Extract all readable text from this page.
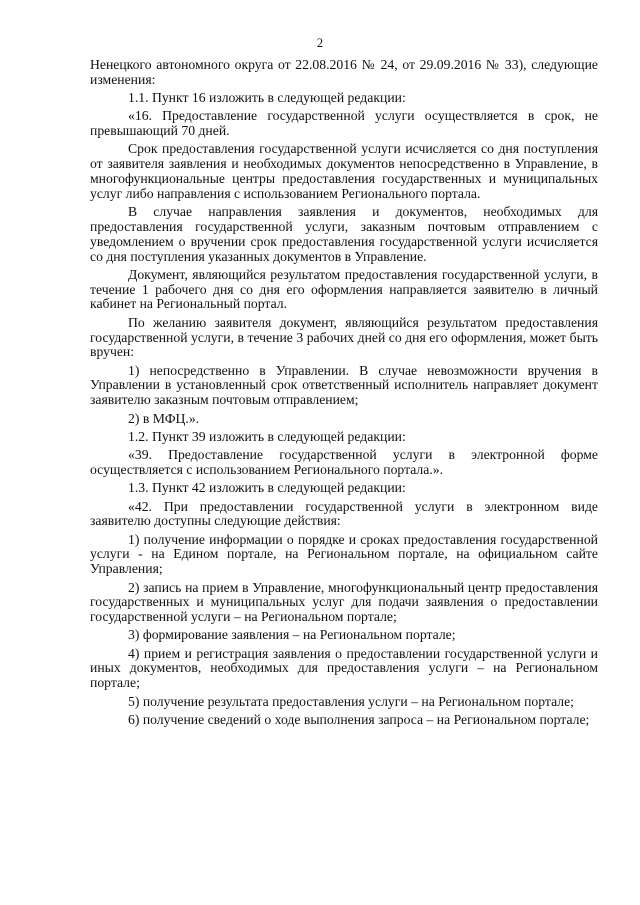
2

Ненецкого автономного округа от 22.08.2016 № 24, от 29.09.2016 № 33), следующие изменения:

1.1. Пункт 16 изложить в следующей редакции:

«16. Предоставление государственной услуги осуществляется в срок, не превышающий 70 дней.

Срок предоставления государственной услуги исчисляется со дня поступления от заявителя заявления и необходимых документов непосредственно в Управление, в многофункциональные центры предоставления государственных и муниципальных услуг либо направления с использованием Регионального портала.

В случае направления заявления и документов, необходимых для предоставления государственной услуги, заказным почтовым отправлением с уведомлением о вручении срок предоставления государственной услуги исчисляется со дня поступления указанных документов в Управление.

Документ, являющийся результатом предоставления государственной услуги, в течение 1 рабочего дня со дня его оформления направляется заявителю в личный кабинет на Региональный портал.

По желанию заявителя документ, являющийся результатом предоставления государственной услуги, в течение 3 рабочих дней со дня его оформления, может быть вручен:

1) непосредственно в Управлении. В случае невозможности вручения в Управлении в установленный срок ответственный исполнитель направляет документ заявителю заказным почтовым отправлением;

2) в МФЦ.».

1.2. Пункт 39 изложить в следующей редакции:

«39. Предоставление государственной услуги в электронной форме осуществляется с использованием Регионального портала.».

1.3. Пункт 42 изложить в следующей редакции:

«42. При предоставлении государственной услуги в электронном виде заявителю доступны следующие действия:

1) получение информации о порядке и сроках предоставления государственной услуги - на Едином портале, на Региональном портале, на официальном сайте Управления;

2) запись на прием в Управление, многофункциональный центр предоставления государственных и муниципальных услуг для подачи заявления о предоставлении государственной услуги – на Региональном портале;

3) формирование заявления – на Региональном портале;

4) прием и регистрация заявления о предоставлении государственной услуги и иных документов, необходимых для предоставления услуги – на Региональном портале;

5) получение результата предоставления услуги – на Региональном портале;

6) получение сведений о ходе выполнения запроса – на Региональном портале;
